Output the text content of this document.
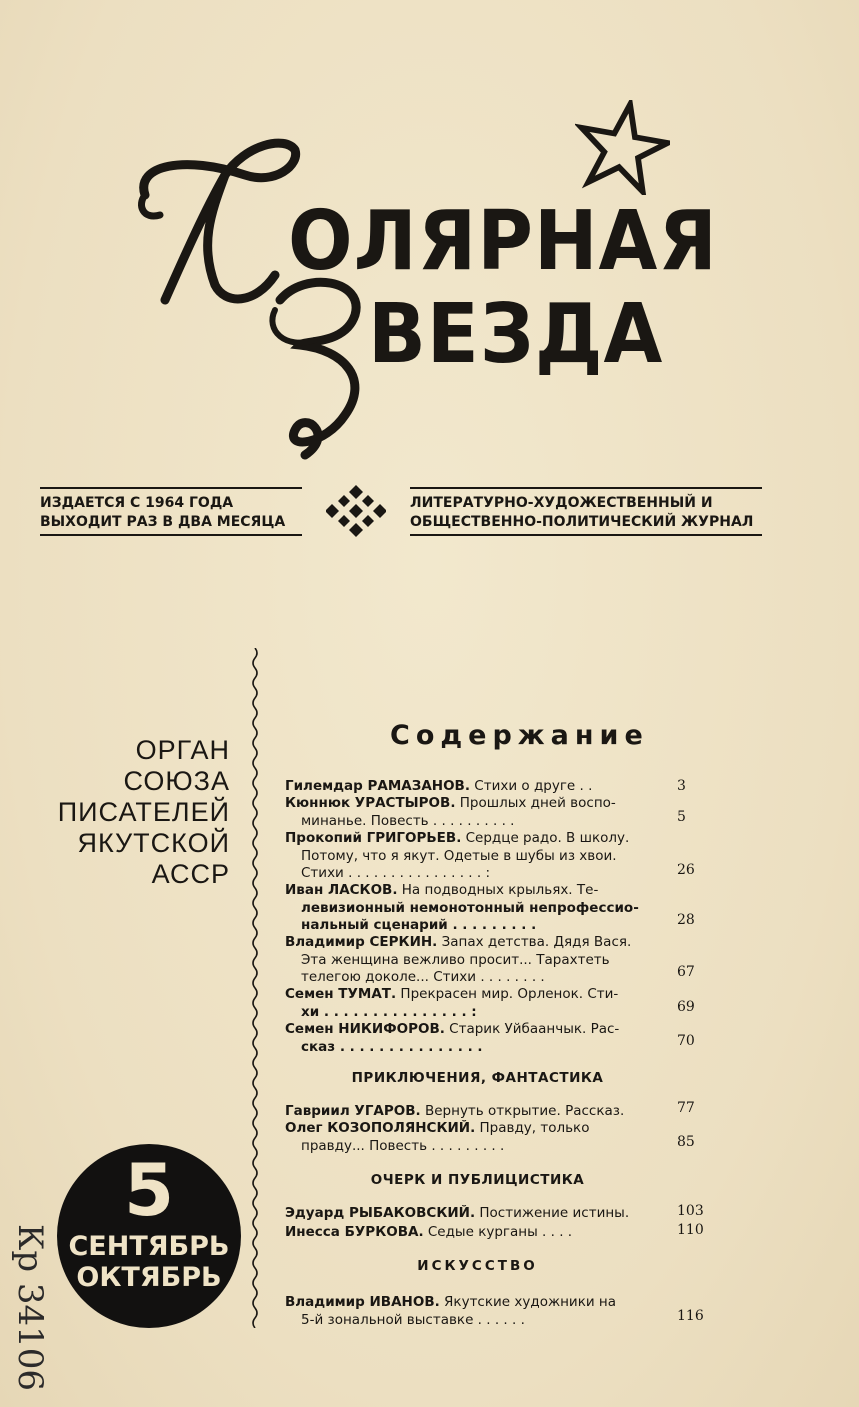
ОЛЯРНАЯ
ВЕЗДА
ИЗДАЕТСЯ С 1964 ГОДА
ВЫХОДИТ РАЗ В ДВА МЕСЯЦА
ЛИТЕРАТУРНО-ХУДОЖЕСТВЕННЫЙ И
ОБЩЕСТВЕННО-ПОЛИТИЧЕСКИЙ ЖУРНАЛ
Кр 34106
ОРГАН
СОЮЗА
ПИСАТЕЛЕЙ
ЯКУТСКОЙ
АССР
5
СЕНТЯБРЬ
ОКТЯБРЬ
Содержание
Гилемдар РАМАЗАНОВ. Стихи о друге . .	3
Кюннюк УРАСТЫРОВ. Прошлых дней воспо-
минанье. Повесть . . . . . . . . . .	5
Прокопий ГРИГОРЬЕВ. Сердце радо. В школу.
Потому, что я якут. Одетые в шубы из хвои.
Стихи . . . . . . . . . . . . . . . . :	26
Иван ЛАСКОВ. На подводных крыльях. Те-
левизионный немонотонный непрофессио-
нальный сценарий . . . . . . . . .	28
Владимир СЕРКИН. Запах детства. Дядя Вася.
Эта женщина вежливо просит... Тарахтеть
телегою доколе... Стихи . . . . . . . .	67
Семен ТУМАТ. Прекрасен мир. Орленок. Сти-
хи . . . . . . . . . . . . . . . :	69
Семен НИКИФОРОВ. Старик Уйбаанчык. Рас-
сказ . . . . . . . . . . . . . . .	70
ПРИКЛЮЧЕНИЯ, ФАНТАСТИКА
Гавриил УГАРОВ. Вернуть открытие. Рассказ.	77
Олег КОЗОПОЛЯНСКИЙ. Правду, только
правду... Повесть . . . . . . . . .	85
ОЧЕРК И ПУБЛИЦИСТИКА
Эдуард РЫБАКОВСКИЙ. Постижение истины.	103
Инесса БУРКОВА. Седые курганы . . . .	110
ИСКУССТВО
Владимир ИВАНОВ. Якутские художники на
5-й зональной выставке . . . . . .	116
